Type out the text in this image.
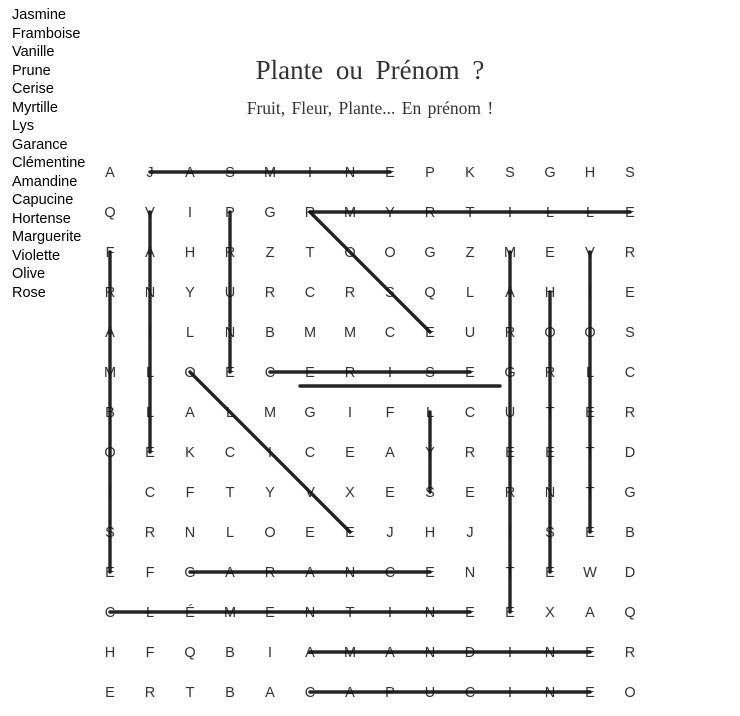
Jasmine
Framboise
Vanille
Prune
Cerise
Myrtille
Lys
Garance
Clémentine
Amandine
Capucine
Hortense
Marguerite
Violette
Olive
Rose
Plante ou Prénom ?
Fruit, Fleur, Plante... En prénom !
A J A S M I N E P K S G H S
Q V I P G R M Y R T I L L E
F A H R Z T O O G Z M E V R
R N Y U R C R S Q L A H I E
A I L N B M M C E U R O O S
M L O E C E R I S E G R L C
B L A L M G I F L C U T E R
O E K C I C E A Y R E E T D
I C F T Y V X E S E R N T G
S R N L O E E J H J I S E B
E F G A R A N C E N T E W D
C L É M E N T I N E E X A Q
H F Q B I A M A N D I N E R
E R T B A C A P U C I N E O
